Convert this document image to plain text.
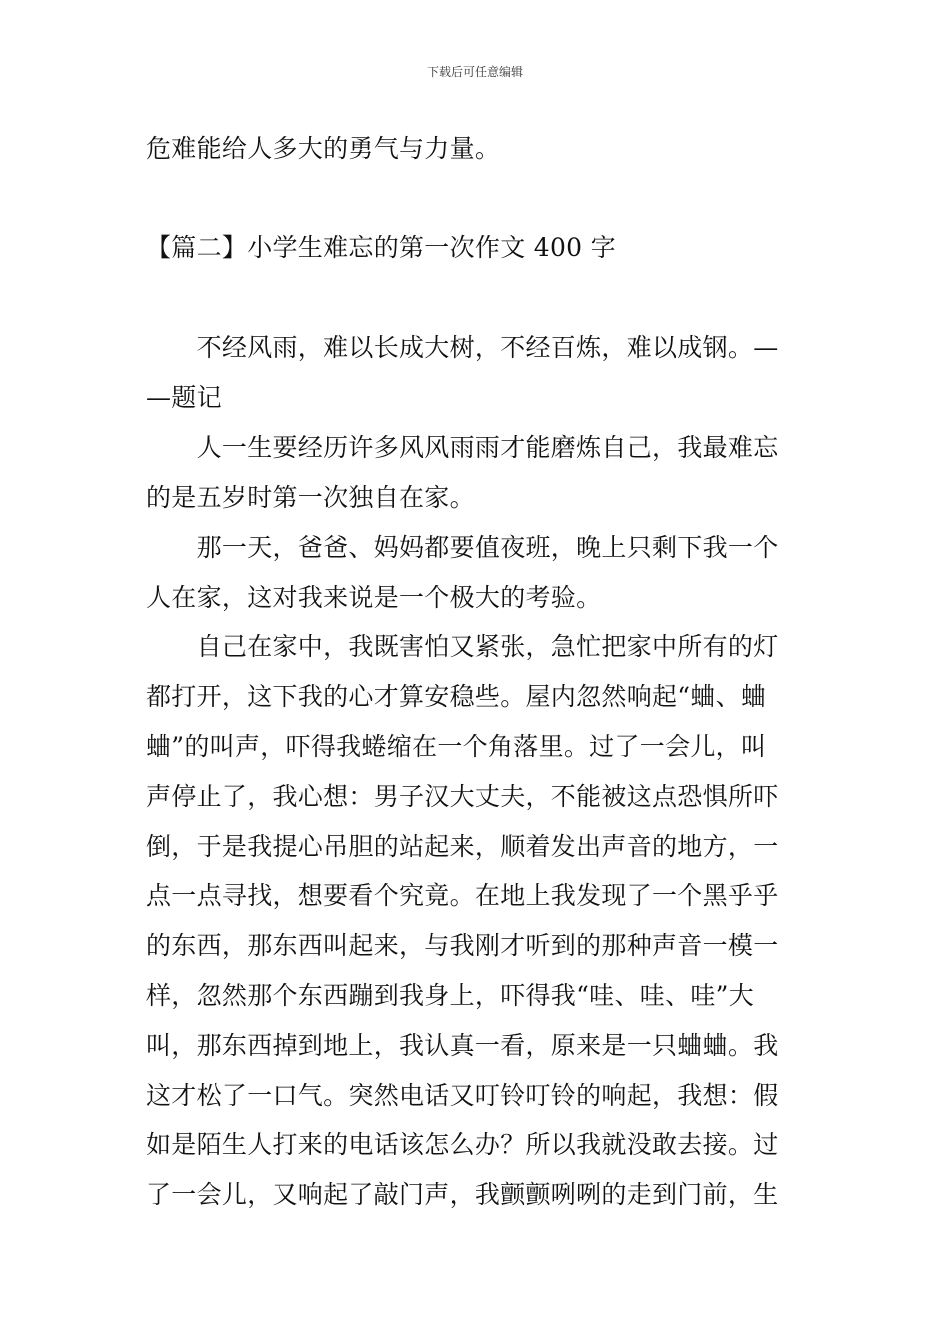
下载后可任意编辑
危难能给人多大的勇气与力量。
【篇二】小学生难忘的第一次作文 400 字
　　不经风雨，难以长成大树，不经百炼，难以成钢。—
—题记
　　人一生要经历许多风风雨雨才能磨炼自己，我最难忘
的是五岁时第一次独自在家。
　　那一天，爸爸、妈妈都要值夜班，晚上只剩下我一个
人在家，这对我来说是一个极大的考验。
　　自己在家中，我既害怕又紧张，急忙把家中所有的灯
都打开，这下我的心才算安稳些。屋内忽然响起“蛐、蛐
蛐”的叫声，吓得我蜷缩在一个角落里。过了一会儿，叫
声停止了，我心想：男子汉大丈夫，不能被这点恐惧所吓
倒，于是我提心吊胆的站起来，顺着发出声音的地方，一
点一点寻找，想要看个究竟。在地上我发现了一个黑乎乎
的东西，那东西叫起来，与我刚才听到的那种声音一模一
样，忽然那个东西蹦到我身上，吓得我“哇、哇、哇”大
叫，那东西掉到地上，我认真一看，原来是一只蛐蛐。我
这才松了一口气。突然电话又叮铃叮铃的响起，我想：假
如是陌生人打来的电话该怎么办？所以我就没敢去接。过
了一会儿，又响起了敲门声，我颤颤咧咧的走到门前，生
